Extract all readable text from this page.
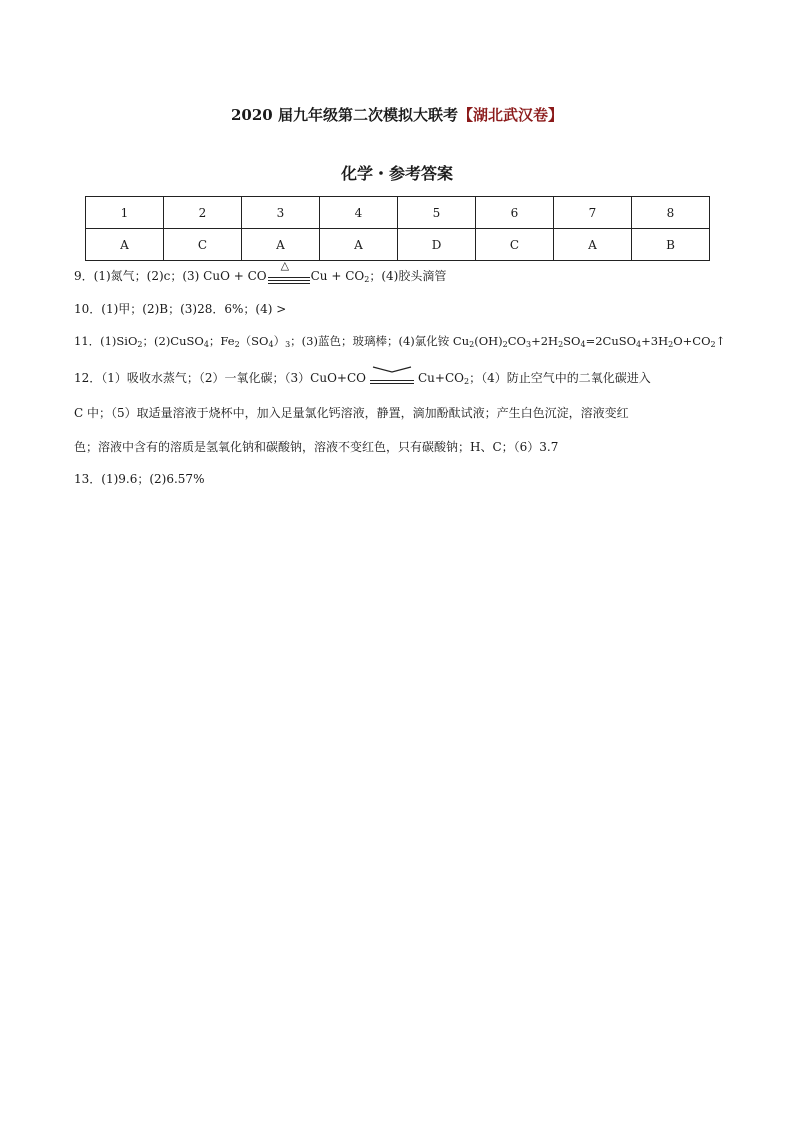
2020 届九年级第二次模拟大联考【湖北武汉卷】
化学・参考答案
1	2	3	4	5	6	7	8
A	C	A	A	D	C	A	B
9．(1)氮气；(2)c；(3) CuO + CO
△
$Cu + CO_2$；(4)胶头滴管
10．(1)甲；(2)B；(3)28．6%；(4) >
11．(1)SiO$_2$；(2)CuSO$_4$；$Fe_2(SO_4)_3$；(3)蓝色；玻璃棒；(4)氯化铵 $Cu_2(OH)_2CO_3+2H_2SO_4=2CuSO_4+3H_2O+CO_2↑$
12．（1）吸收水蒸气；（2）一氧化碳；（3）CuO+CO	$Cu+CO_2$；（4）防止空气中的二氧化碳进入
C 中；（5）取适量溶液于烧杯中，加入足量氯化钙溶液，静置，滴加酚酞试液；产生白色沉淀，溶液变红
色；溶液中含有的溶质是氢氧化钠和碳酸钠，溶液不变红色，只有碳酸钠；H、C；（6）3.7
13．(1)9.6；(2)6.57%
